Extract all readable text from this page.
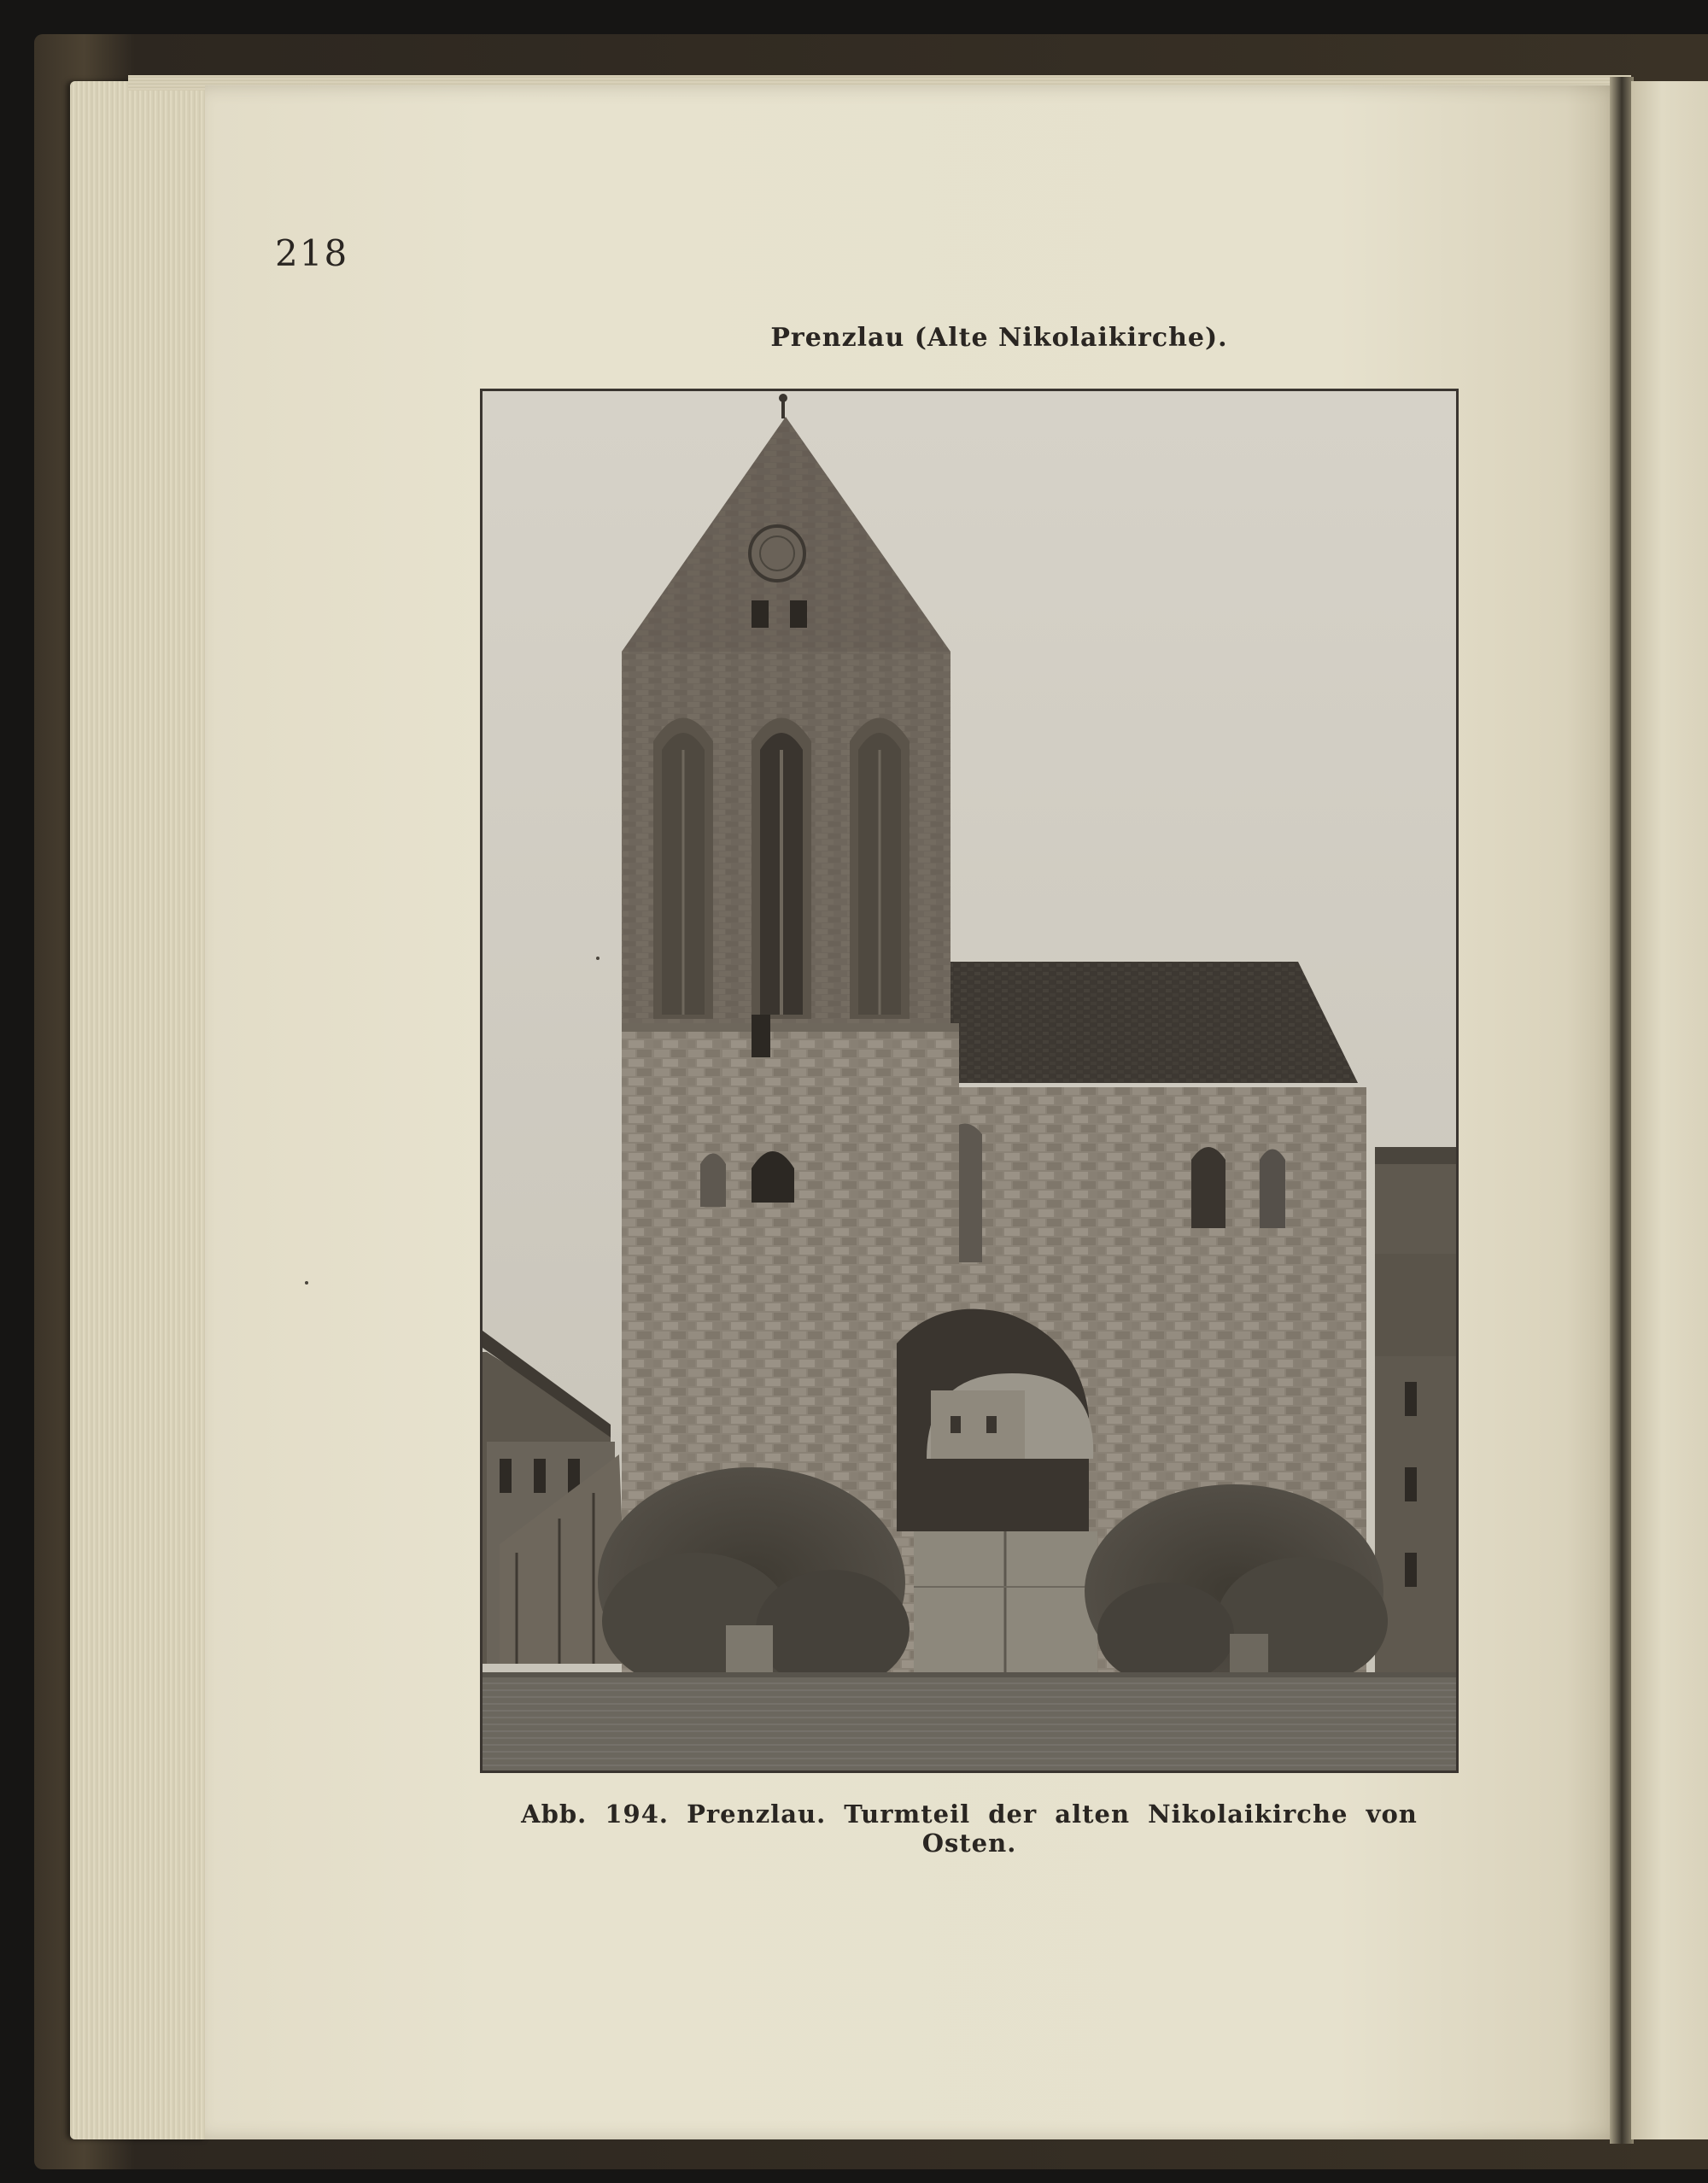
218

Prenzlau (Alte Nikolaikirche).

Abb. 194. Prenzlau. Turmteil der alten Nikolaikirche von Osten.
